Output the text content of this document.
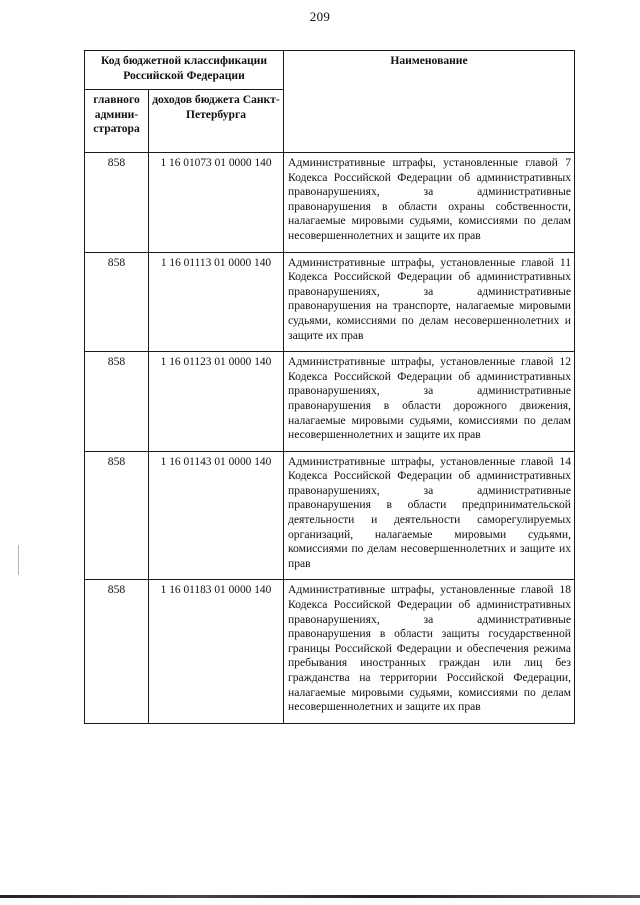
209
Код бюджетной классификации Российской Федерации		Наименование
главного админи-стратора	доходов бюджета Санкт-Петербурга	
858	1 16 01073 01 0000 140	Административные штрафы, установленные главой 7 Кодекса Российской Федерации об административных правонарушениях, за административные правонарушения в области охраны собственности, налагаемые мировыми судьями, комиссиями по делам несовершеннолетних и защите их прав
858	1 16 01113 01 0000 140	Административные штрафы, установленные главой 11 Кодекса Российской Федерации об административных правонарушениях, за административные правонарушения на транспорте, налагаемые мировыми судьями, комиссиями по делам несовершеннолетних и защите их прав
858	1 16 01123 01 0000 140	Административные штрафы, установленные главой 12 Кодекса Российской Федерации об административных правонарушениях, за административные правонарушения в области дорожного движения, налагаемые мировыми судьями, комиссиями по делам несовершеннолетних и защите их прав
858	1 16 01143 01 0000 140	Административные штрафы, установленные главой 14 Кодекса Российской Федерации об административных правонарушениях, за административные правонарушения в области предпринимательской деятельности и деятельности саморегулируемых организаций, налагаемые мировыми судьями, комиссиями по делам несовершеннолетних и защите их прав
858	1 16 01183 01 0000 140	Административные штрафы, установленные главой 18 Кодекса Российской Федерации об административных правонарушениях, за административные правонарушения в области защиты государственной границы Российской Федерации и обеспечения режима пребывания иностранных граждан или лиц без гражданства на территории Российской Федерации, налагаемые мировыми судьями, комиссиями по делам несовершеннолетних и защите их прав
